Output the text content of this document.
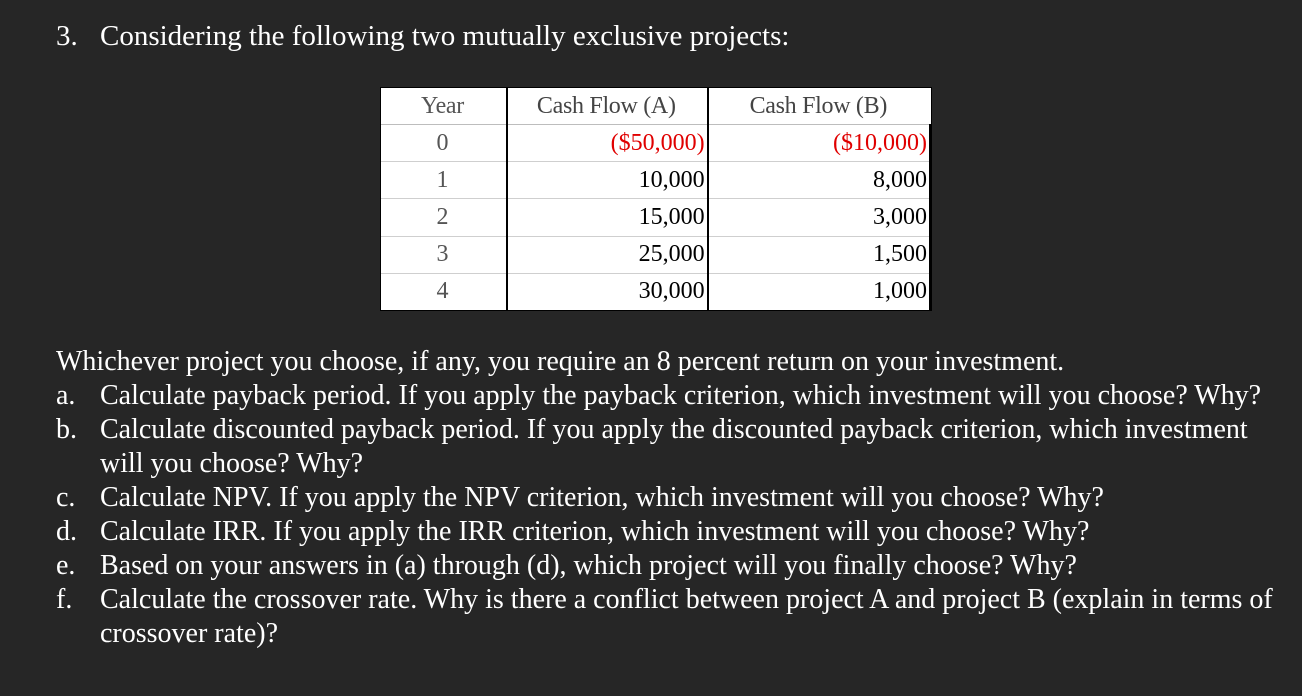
3. Considering the following two mutually exclusive projects:
Year	Cash Flow (A)	Cash Flow (B)
0	($50,000)	($10,000)
1	10,000	8,000
2	15,000	3,000
3	25,000	1,500
4	30,000	1,000
Whichever project you choose, if any, you require an 8 percent return on your investment.
a. Calculate payback period. If you apply the payback criterion, which investment will you choose? Why?
b. Calculate discounted payback period. If you apply the discounted payback criterion, which investment will you choose? Why?
c. Calculate NPV. If you apply the NPV criterion, which investment will you choose? Why?
d. Calculate IRR. If you apply the IRR criterion, which investment will you choose? Why?
e. Based on your answers in (a) through (d), which project will you finally choose? Why?
f. Calculate the crossover rate. Why is there a conflict between project A and project B (explain in terms of crossover rate)?
